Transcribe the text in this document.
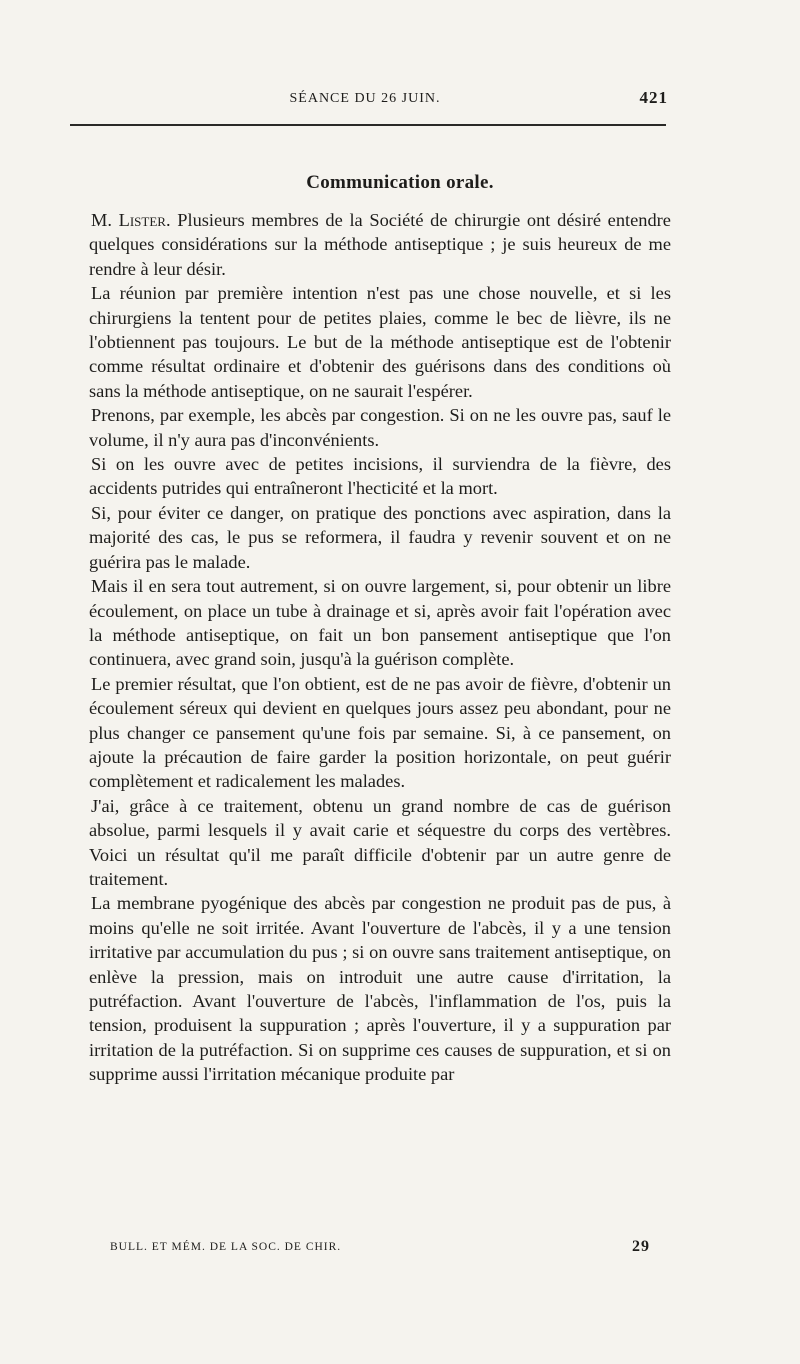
SÉANCE DU 26 JUIN.	421
Communication orale.

M. Lister. Plusieurs membres de la Société de chirurgie ont désiré entendre quelques considérations sur la méthode antiseptique ; je suis heureux de me rendre à leur désir.

La réunion par première intention n'est pas une chose nouvelle, et si les chirurgiens la tentent pour de petites plaies, comme le bec de lièvre, ils ne l'obtiennent pas toujours. Le but de la méthode antiseptique est de l'obtenir comme résultat ordinaire et d'obtenir des guérisons dans des conditions où sans la méthode antiseptique, on ne saurait l'espérer.

Prenons, par exemple, les abcès par congestion. Si on ne les ouvre pas, sauf le volume, il n'y aura pas d'inconvénients.

Si on les ouvre avec de petites incisions, il surviendra de la fièvre, des accidents putrides qui entraîneront l'hecticité et la mort.

Si, pour éviter ce danger, on pratique des ponctions avec aspiration, dans la majorité des cas, le pus se reformera, il faudra y revenir souvent et on ne guérira pas le malade.

Mais il en sera tout autrement, si on ouvre largement, si, pour obtenir un libre écoulement, on place un tube à drainage et si, après avoir fait l'opération avec la méthode antiseptique, on fait un bon pansement antiseptique que l'on continuera, avec grand soin, jusqu'à la guérison complète.

Le premier résultat, que l'on obtient, est de ne pas avoir de fièvre, d'obtenir un écoulement séreux qui devient en quelques jours assez peu abondant, pour ne plus changer ce pansement qu'une fois par semaine. Si, à ce pansement, on ajoute la précaution de faire garder la position horizontale, on peut guérir complètement et radicalement les malades.

J'ai, grâce à ce traitement, obtenu un grand nombre de cas de guérison absolue, parmi lesquels il y avait carie et séquestre du corps des vertèbres. Voici un résultat qu'il me paraît difficile d'obtenir par un autre genre de traitement.

La membrane pyogénique des abcès par congestion ne produit pas de pus, à moins qu'elle ne soit irritée. Avant l'ouverture de l'abcès, il y a une tension irritative par accumulation du pus ; si on ouvre sans traitement antiseptique, on enlève la pression, mais on introduit une autre cause d'irritation, la putréfaction. Avant l'ouverture de l'abcès, l'inflammation de l'os, puis la tension, produisent la suppuration ; après l'ouverture, il y a suppuration par irritation de la putréfaction. Si on supprime ces causes de suppuration, et si on supprime aussi l'irritation mécanique produite par

BULL. ET MÉM. DE LA SOC. DE CHIR.	29
